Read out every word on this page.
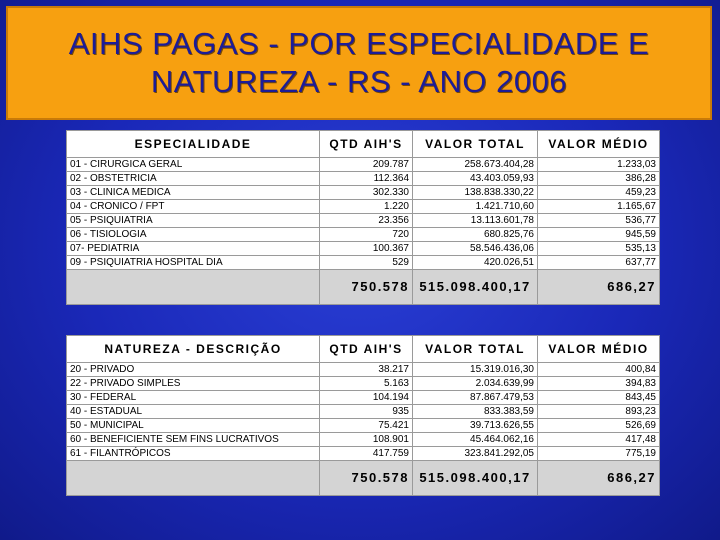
AIHS PAGAS - POR ESPECIALIDADE E
NATUREZA - RS - ANO 2006
ESPECIALIDADE	QTD AIH'S	VALOR TOTAL	VALOR MÉDIO
01 - CIRURGICA GERAL	209.787	258.673.404,28	1.233,03
02 - OBSTETRICIA	112.364	43.403.059,93	386,28
03 - CLINICA MEDICA	302.330	138.838.330,22	459,23
04 - CRONICO / FPT	1.220	1.421.710,60	1.165,67
05 - PSIQUIATRIA	23.356	13.113.601,78	536,77
06 - TISIOLOGIA	720	680.825,76	945,59
07- PEDIATRIA	100.367	58.546.436,06	535,13
09 - PSIQUIATRIA HOSPITAL DIA	529	420.026,51	637,77
	750.578	515.098.400,17	686,27
NATUREZA - DESCRIÇÃO	QTD AIH'S	VALOR TOTAL	VALOR MÉDIO
20 - PRIVADO	38.217	15.319.016,30	400,84
22 - PRIVADO SIMPLES	5.163	2.034.639,99	394,83
30 - FEDERAL	104.194	87.867.479,53	843,45
40 - ESTADUAL	935	833.383,59	893,23
50 - MUNICIPAL	75.421	39.713.626,55	526,69
60 - BENEFICIENTE SEM FINS LUCRATIVOS	108.901	45.464.062,16	417,48
61 - FILANTRÓPICOS	417.759	323.841.292,05	775,19
	750.578	515.098.400,17	686,27
